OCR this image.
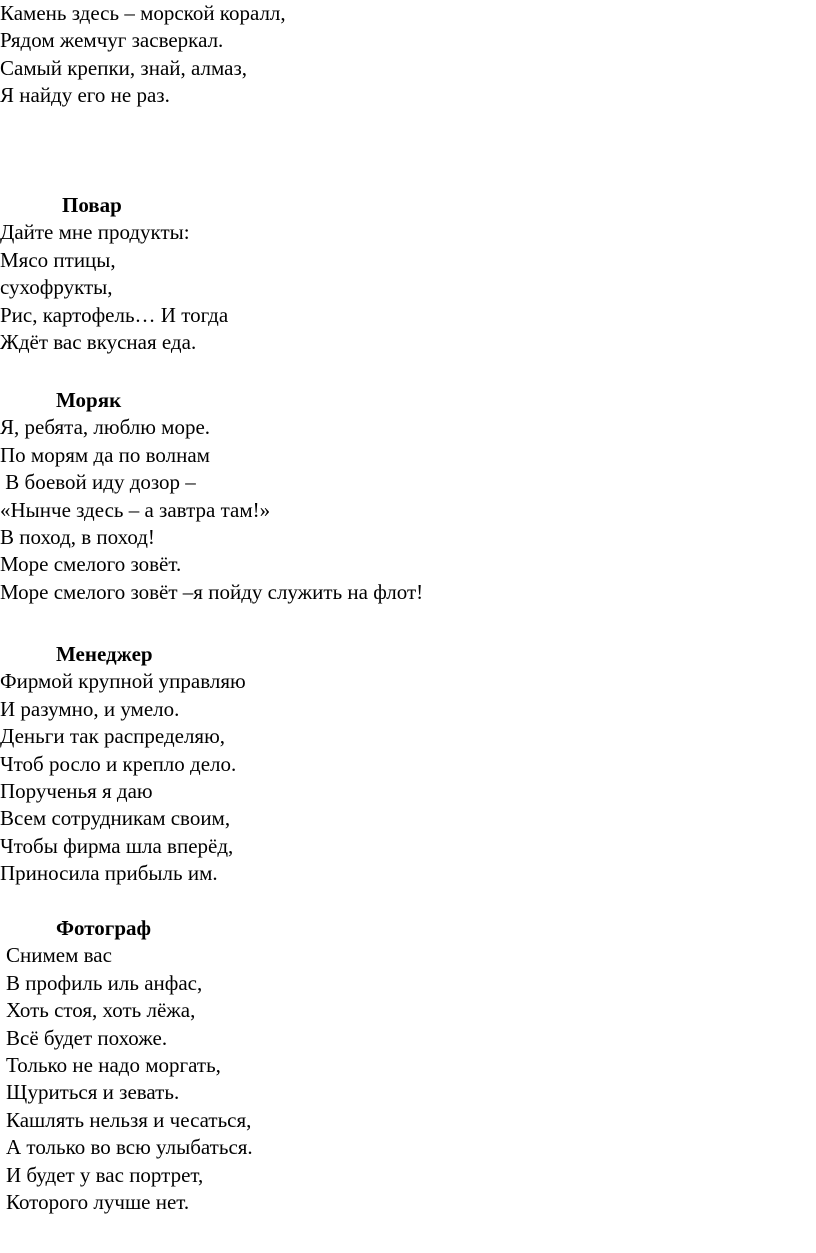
Камень здесь – морской коралл,
Рядом жемчуг засверкал.
Самый крепки, знай, алмаз,
Я найду его не раз.
Повар
Дайте мне продукты:
Мясо птицы,
сухофрукты,
Рис, картофель… И тогда
Ждёт вас вкусная еда.
Моряк
Я, ребята, люблю море.
По морям да по волнам
В боевой иду дозор –
«Нынче здесь – а завтра там!»
В поход, в поход!
Море смелого зовёт.
Море смелого зовёт –я пойду служить на флот!
Менеджер
Фирмой крупной управляю
И разумно, и умело.
Деньги так распределяю,
Чтоб росло и крепло дело.
Порученья я даю
Всем сотрудникам своим,
Чтобы фирма шла вперёд,
Приносила прибыль им.
Фотограф
Снимем вас
В профиль иль анфас,
Хоть стоя, хоть лёжа,
Всё будет похоже.
Только не надо моргать,
Щуриться и зевать.
Кашлять нельзя и чесаться,
А только во всю улыбаться.
И будет у вас портрет,
Которого лучше нет.
